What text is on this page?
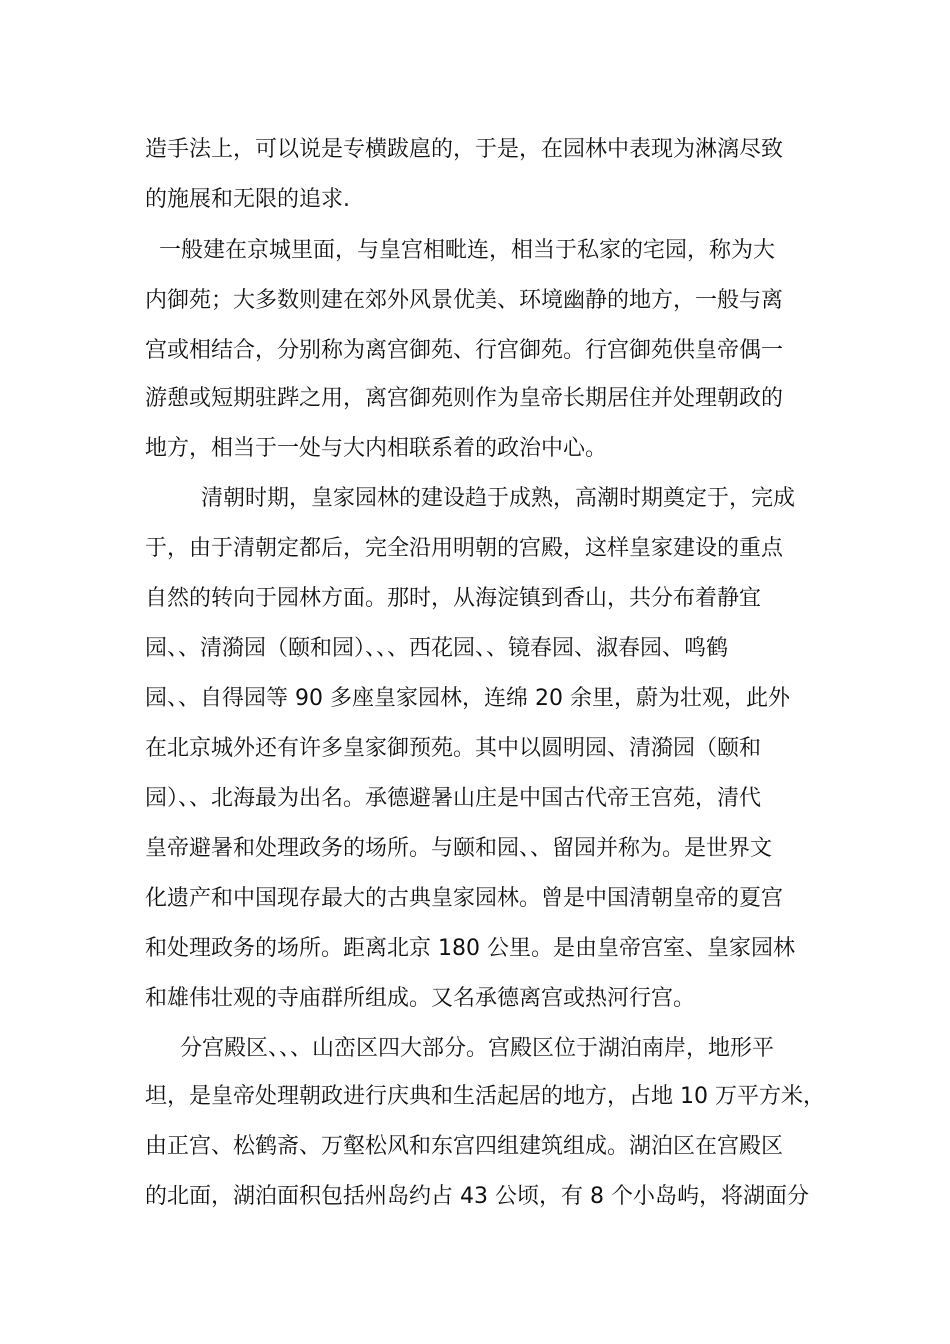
造手法上，可以说是专横跋扈的，于是，在园林中表现为淋漓尽致
的施展和无限的追求.
一般建在京城里面，与皇宫相毗连，相当于私家的宅园，称为大
内御苑；大多数则建在郊外风景优美、环境幽静的地方，一般与离
宫或相结合，分别称为离宫御苑、行宫御苑。行宫御苑供皇帝偶一
游憩或短期驻跸之用，离宫御苑则作为皇帝长期居住并处理朝政的
地方，相当于一处与大内相联系着的政治中心。
清朝时期，皇家园林的建设趋于成熟，高潮时期奠定于，完成
于，由于清朝定都后，完全沿用明朝的宫殿，这样皇家建设的重点
自然的转向于园林方面。那时，从海淀镇到香山，共分布着静宜
园、、清漪园（颐和园）、、、西花园、、镜春园、淑春园、鸣鹤
园、、自得园等 90 多座皇家园林，连绵 20 余里，蔚为壮观，此外
在北京城外还有许多皇家御预苑。其中以圆明园、清漪园（颐和
园）、、北海最为出名。承德避暑山庄是中国古代帝王宫苑，清代
皇帝避暑和处理政务的场所。与颐和园、、留园并称为。是世界文
化遗产和中国现存最大的古典皇家园林。曾是中国清朝皇帝的夏宫
和处理政务的场所。距离北京 180 公里。是由皇帝宫室、皇家园林
和雄伟壮观的寺庙群所组成。又名承德离宫或热河行宫。
分宫殿区、、、山峦区四大部分。宫殿区位于湖泊南岸，地形平
坦，是皇帝处理朝政进行庆典和生活起居的地方，占地 10 万平方米，
由正宫、松鹤斋、万壑松风和东宫四组建筑组成。湖泊区在宫殿区
的北面，湖泊面积包括州岛约占 43 公顷，有 8 个小岛屿，将湖面分
